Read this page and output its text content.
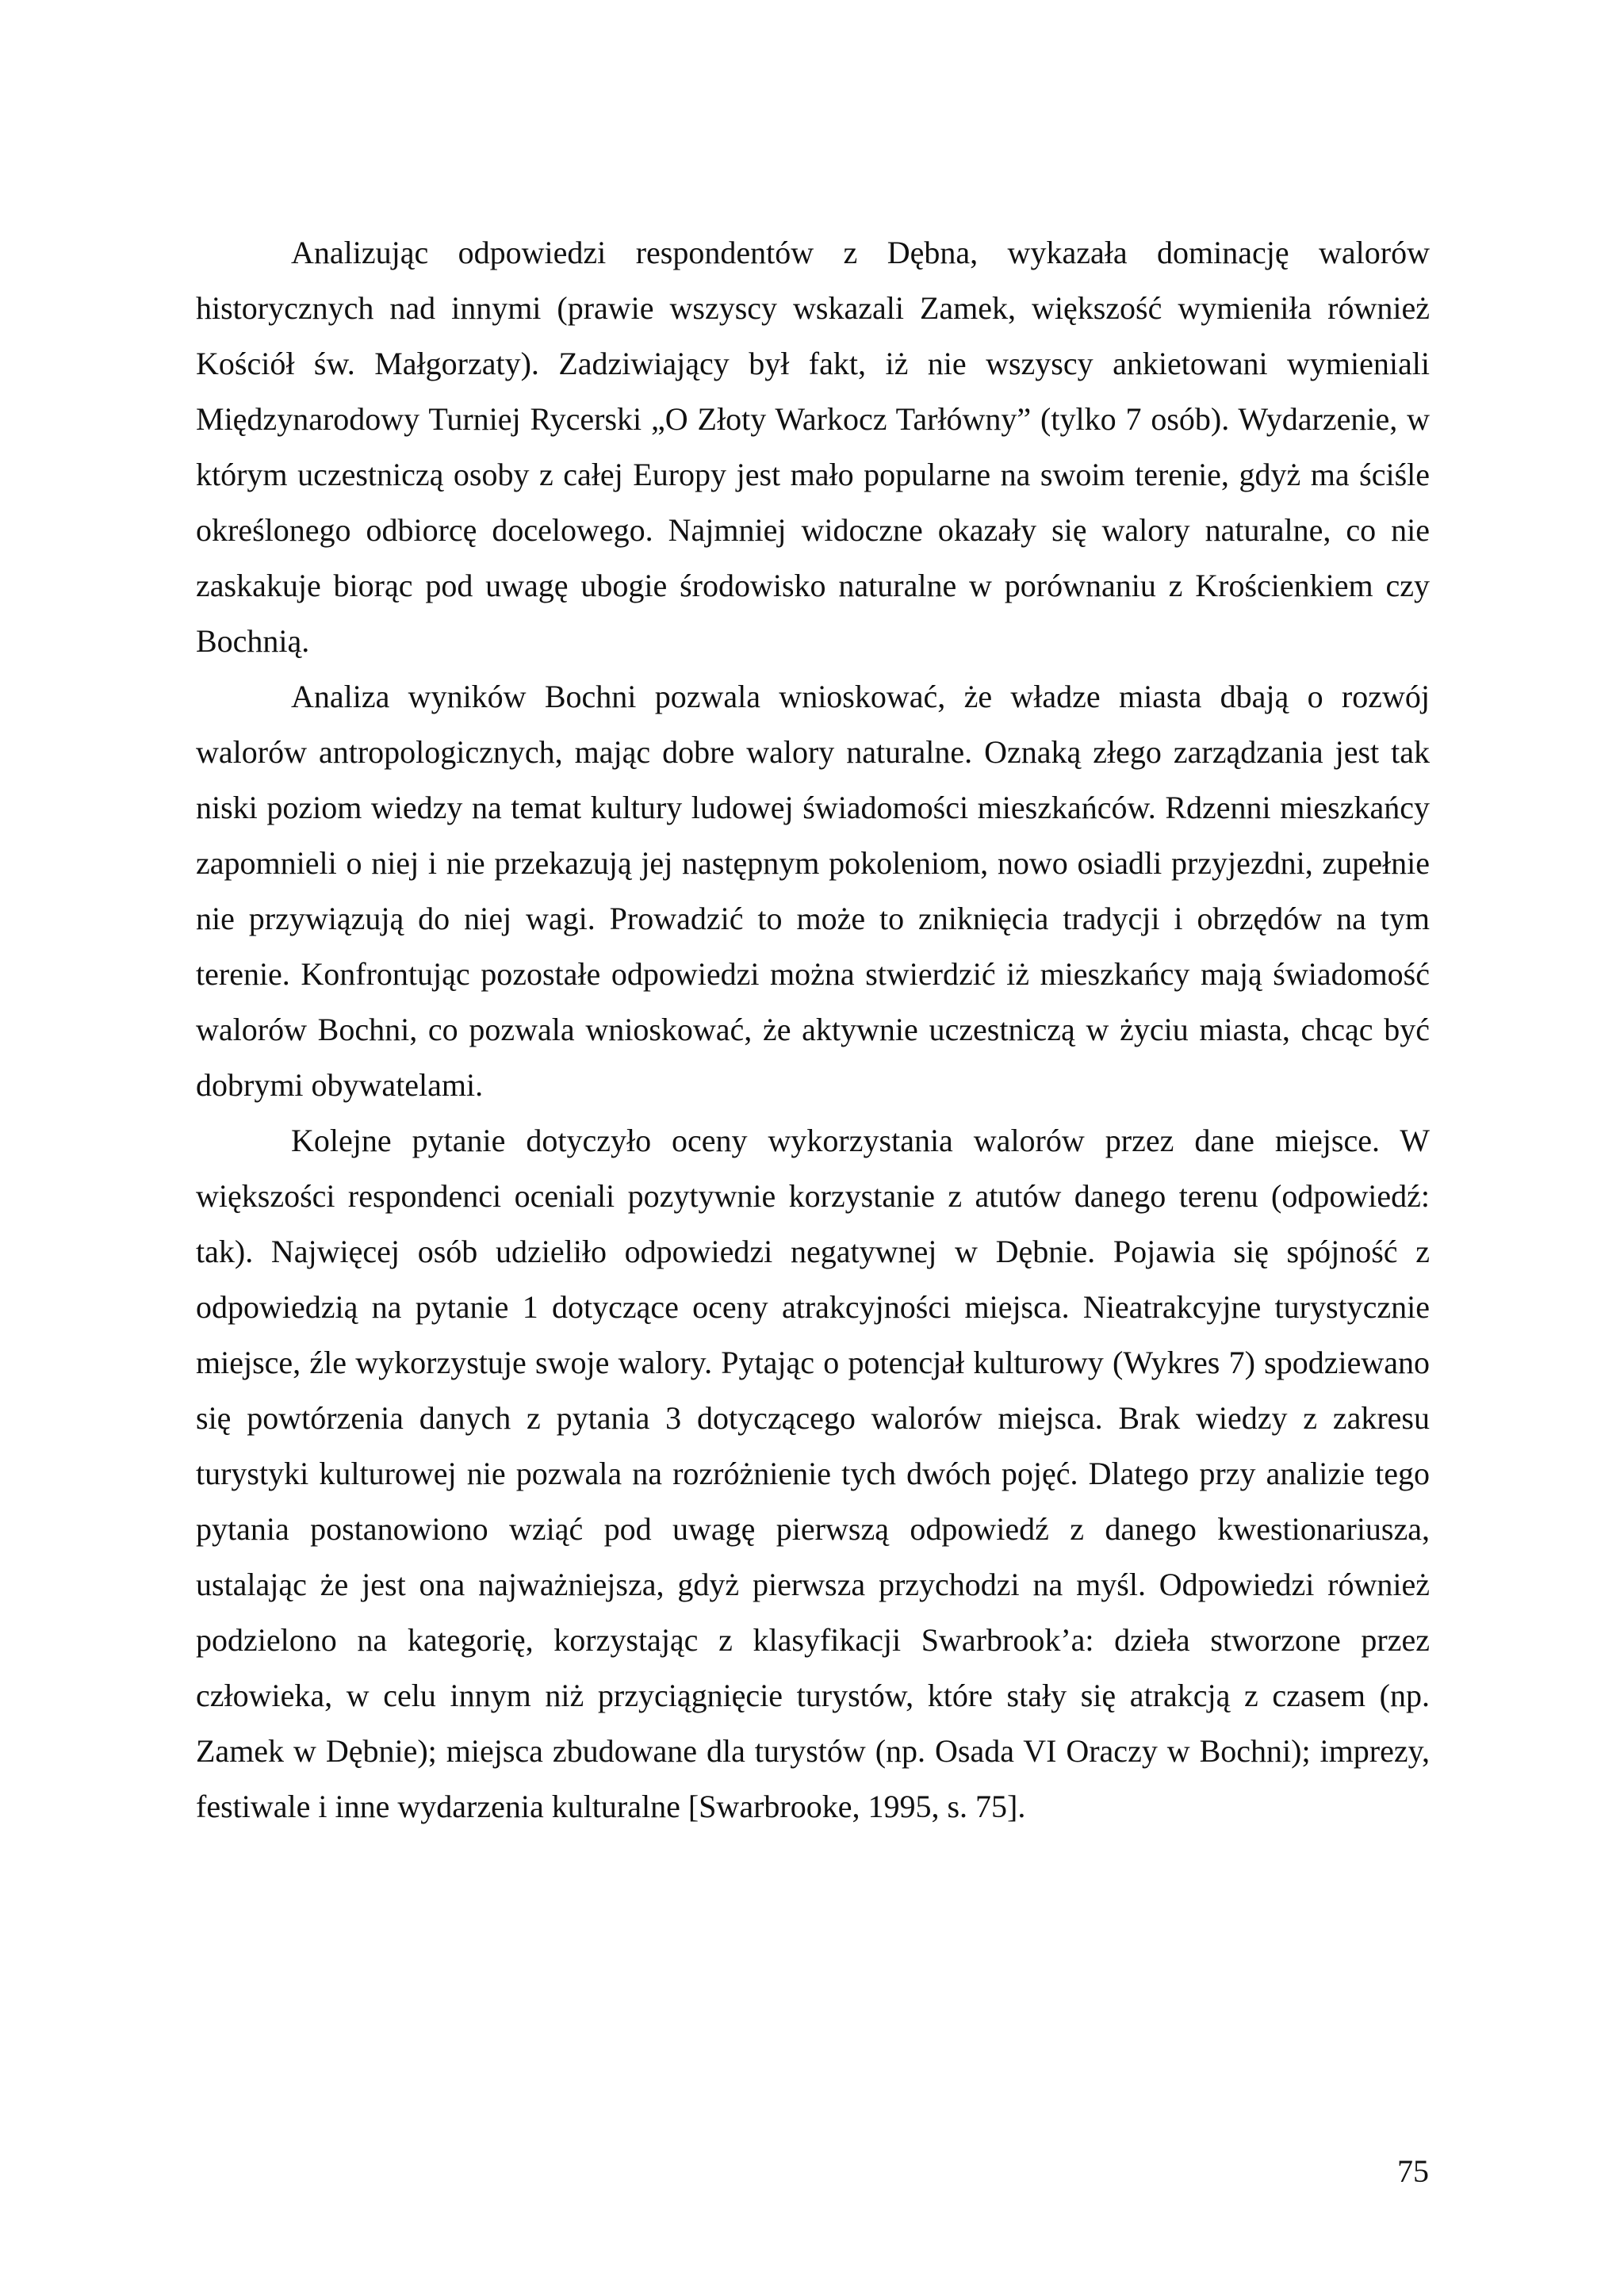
Analizując odpowiedzi respondentów z Dębna, wykazała dominację walorów historycznych nad innymi (prawie wszyscy wskazali Zamek, większość wymieniła również Kościół św. Małgorzaty). Zadziwiający był fakt, iż nie wszyscy ankietowani wymieniali Międzynarodowy Turniej Rycerski „O Złoty Warkocz Tarłówny” (tylko 7 osób). Wydarzenie, w którym uczestniczą osoby z całej Europy jest mało popularne na swoim terenie, gdyż ma ściśle określonego odbiorcę docelowego. Najmniej widoczne okazały się walory naturalne, co nie zaskakuje biorąc pod uwagę ubogie środowisko naturalne w porównaniu z Krościenkiem czy Bochnią.

Analiza wyników Bochni pozwala wnioskować, że władze miasta dbają o rozwój walorów antropologicznych, mając dobre walory naturalne. Oznaką złego zarządzania jest tak niski poziom wiedzy na temat kultury ludowej świadomości mieszkańców. Rdzenni mieszkańcy zapomnieli o niej i nie przekazują jej następnym pokoleniom, nowo osiadli przyjezdni, zupełnie nie przywiązują do niej wagi. Prowadzić to może to zniknięcia tradycji i obrzędów na tym terenie. Konfrontując pozostałe odpowiedzi można stwierdzić iż mieszkańcy mają świadomość walorów Bochni, co pozwala wnioskować, że aktywnie uczestniczą w życiu miasta, chcąc być dobrymi obywatelami.

Kolejne pytanie dotyczyło oceny wykorzystania walorów przez dane miejsce. W większości respondenci oceniali pozytywnie korzystanie z atutów danego terenu (odpowiedź: tak). Najwięcej osób udzieliło odpowiedzi negatywnej w Dębnie. Pojawia się spójność z odpowiedzią na pytanie 1 dotyczące oceny atrakcyjności miejsca. Nieatrakcyjne turystycznie miejsce, źle wykorzystuje swoje walory. Pytając o potencjał kulturowy (Wykres 7) spodziewano się powtórzenia danych z pytania 3 dotyczącego walorów miejsca. Brak wiedzy z zakresu turystyki kulturowej nie pozwala na rozróżnienie tych dwóch pojęć. Dlatego przy analizie tego pytania postanowiono wziąć pod uwagę pierwszą odpowiedź z danego kwestionariusza, ustalając że jest ona najważniejsza, gdyż pierwsza przychodzi na myśl. Odpowiedzi również podzielono na kategorię, korzystając z klasyfikacji Swarbrook’a: dzieła stworzone przez człowieka, w celu innym niż przyciągnięcie turystów, które stały się atrakcją z czasem (np. Zamek w Dębnie); miejsca zbudowane dla turystów (np. Osada VI Oraczy w Bochni); imprezy, festiwale i inne wydarzenia kulturalne [Swarbrooke, 1995, s. 75].

75
